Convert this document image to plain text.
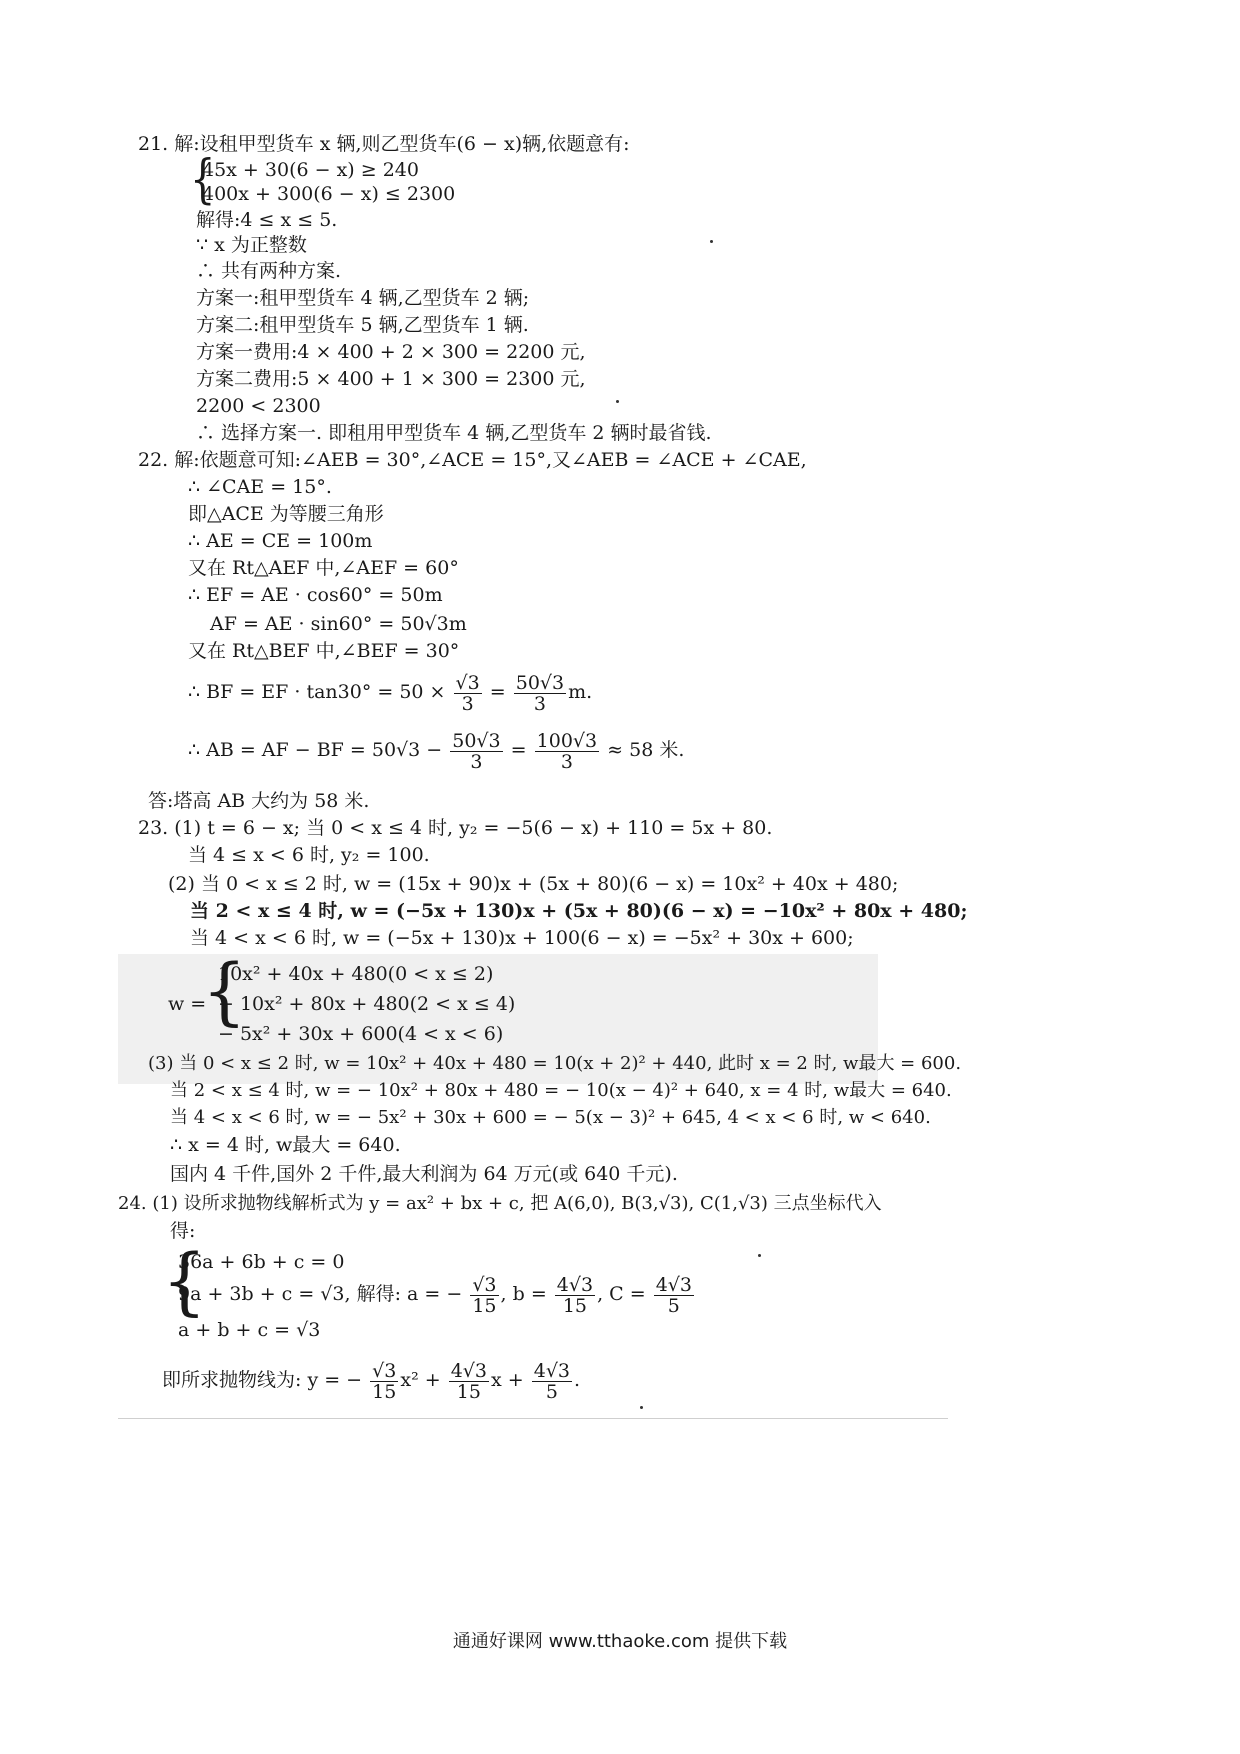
21. 解:设租甲型货车 x 辆,则乙型货车(6 − x)辆,依题意有:
{
45x + 30(6 − x) ≥ 240
400x + 300(6 − x) ≤ 2300
解得:4 ≤ x ≤ 5.
∵ x 为正整数
∴ 共有两种方案.
方案一:租甲型货车 4 辆,乙型货车 2 辆;
方案二:租甲型货车 5 辆,乙型货车 1 辆.
方案一费用:4 × 400 + 2 × 300 = 2200 元,
方案二费用:5 × 400 + 1 × 300 = 2300 元,
2200 < 2300
∴ 选择方案一. 即租用甲型货车 4 辆,乙型货车 2 辆时最省钱.
22. 解:依题意可知:∠AEB = 30°,∠ACE = 15°,又∠AEB = ∠ACE + ∠CAE,
∴ ∠CAE = 15°.
即△ACE 为等腰三角形
∴ AE = CE = 100m
又在 Rt△AEF 中,∠AEF = 60°
∴ EF = AE · cos60° = 50m
AF = AE · sin60° = 50√3m
又在 Rt△BEF 中,∠BEF = 30°
∴ BF = EF · $\tan 30^\circ = 50 \times \frac{√3}{3} = \frac{50√3}{3} m$.
∴ AB = AF − BF = $50√3 - \frac{50√3}{3} = \frac{100√3}{3} \approx 58$ 米.
答:塔高 AB 大约为 58 米.
23. (1) t = 6 − x; 当 0 < x ≤ 4 时, y₂ = −5(6 − x) + 110 = 5x + 80.
当 4 ≤ x < 6 时, y₂ = 100.
(2) 当 0 < x ≤ 2 时, w = (15x + 90)x + (5x + 80)(6 − x) = 10x² + 40x + 480;
当 2 < x ≤ 4 时, w = (−5x + 130)x + (5x + 80)(6 − x) = −10x² + 80x + 480;
当 4 < x < 6 时, w = (−5x + 130)x + 100(6 − x) = −5x² + 30x + 600;
w =
{
10x² + 40x + 480(0 < x ≤ 2)
− 10x² + 80x + 480(2 < x ≤ 4)
− 5x² + 30x + 600(4 < x < 6)
(3) 当 0 < x ≤ 2 时, w = 10x² + 40x + 480 = 10(x + 2)² + 440, 此时 x = 2 时, w最大 = 600.
当 2 < x ≤ 4 时, w = − 10x² + 80x + 480 = − 10(x − 4)² + 640, x = 4 时, w最大 = 640.
当 4 < x < 6 时, w = − 5x² + 30x + 600 = − 5(x − 3)² + 645, 4 < x < 6 时, w < 640.
∴ x = 4 时, w最大 = 640.
国内 4 千件,国外 2 千件,最大利润为 64 万元(或 640 千元).
24. (1) 设所求抛物线解析式为 y = ax² + bx + c, 把 A(6,0), B(3,√3), C(1,√3) 三点坐标代入
得:
{
36a + 6b + c = 0
9a + 3b + c = √3, 解得: a = − $\frac{√3}{15}$ , $b = \frac{4√3}{15}$ , $C = \frac{4√3}{5}$
a + b + c = √3
即所求抛物线为: y = − $\frac{√3}{15} x^2 + \frac{4√3}{15}$ $x + \frac{4√3}{5}$ .
通通好课网 www.tthaoke.com 提供下载
